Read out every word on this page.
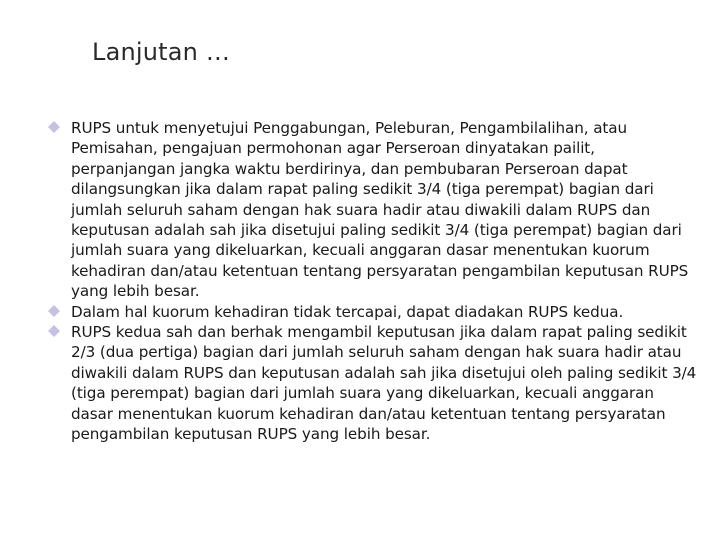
Lanjutan …
RUPS untuk menyetujui Penggabungan, Peleburan, Pengambilalihan, atau Pemisahan, pengajuan permohonan agar Perseroan dinyatakan pailit, perpanjangan jangka waktu berdirinya, dan pembubaran Perseroan dapat dilangsungkan jika dalam rapat paling sedikit 3/4 (tiga perempat) bagian dari jumlah seluruh saham dengan hak suara hadir atau diwakili dalam RUPS dan keputusan adalah sah jika disetujui paling sedikit 3/4 (tiga perempat) bagian dari jumlah suara yang dikeluarkan, kecuali anggaran dasar menentukan kuorum kehadiran dan/atau ketentuan tentang persyaratan pengambilan keputusan RUPS yang lebih besar.
Dalam hal kuorum kehadiran tidak tercapai, dapat diadakan RUPS kedua.
RUPS kedua sah dan berhak mengambil keputusan jika dalam rapat paling sedikit 2/3 (dua pertiga) bagian dari jumlah seluruh saham dengan hak suara hadir atau diwakili dalam RUPS dan keputusan adalah sah jika disetujui oleh paling sedikit 3/4 (tiga perempat) bagian dari jumlah suara yang dikeluarkan, kecuali anggaran dasar menentukan kuorum kehadiran dan/atau ketentuan tentang persyaratan pengambilan keputusan RUPS yang lebih besar.
